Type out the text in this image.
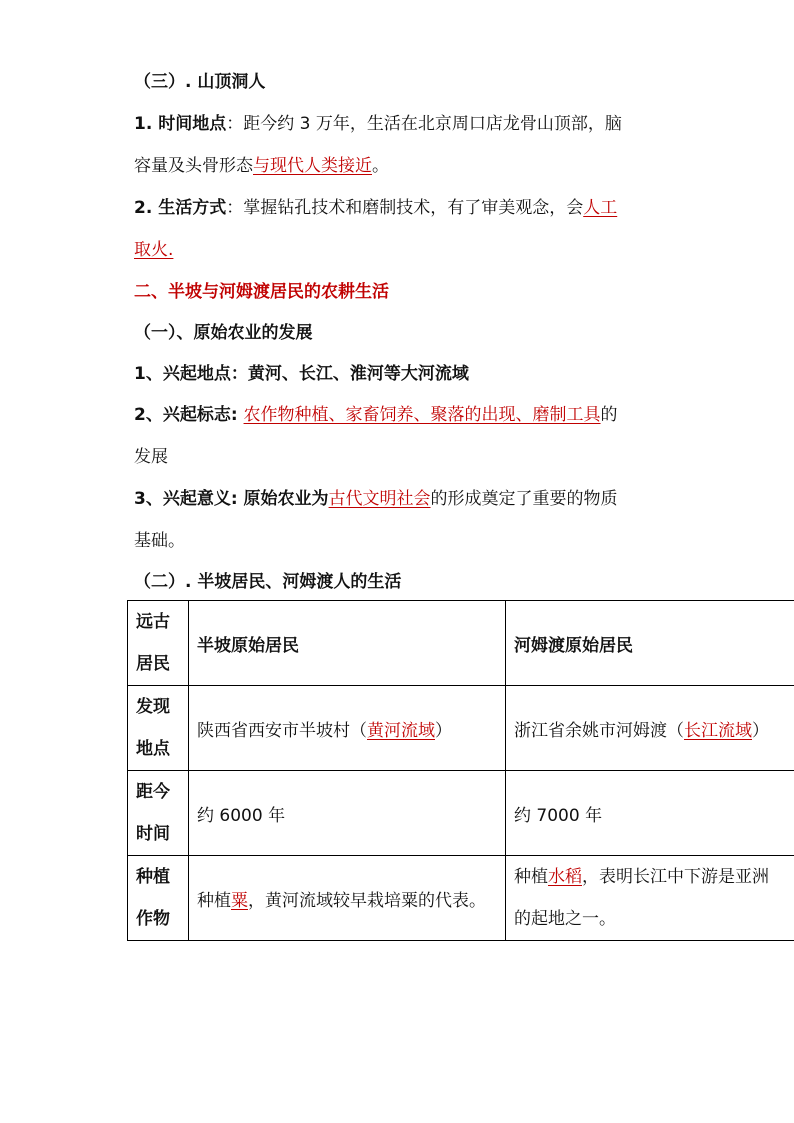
（三）. 山顶洞人
1. 时间地点：距今约 3 万年，生活在北京周口店龙骨山顶部，脑
容量及头骨形态与现代人类接近。
2. 生活方式：掌握钻孔技术和磨制技术，有了审美观念，会人工
取火.
二、半坡与河姆渡居民的农耕生活
（一）、原始农业的发展
1、兴起地点：黄河、长江、淮河等大河流域
2、兴起标志: 农作物种植、家畜饲养、聚落的出现、磨制工具的
发展
3、兴起意义: 原始农业为古代文明社会的形成奠定了重要的物质
基础。
（二）. 半坡居民、河姆渡人的生活
远古
居民	半坡原始居民	河姆渡原始居民

发现
地点	陕西省西安市半坡村（黄河流域）	浙江省余姚市河姆渡（长江流域）

距今
时间	约 6000 年	约 7000 年

种植
作物	种植粟，黄河流域较早栽培粟的代表。	种植水稻，表明长江中下游是亚洲
的起地之一。
